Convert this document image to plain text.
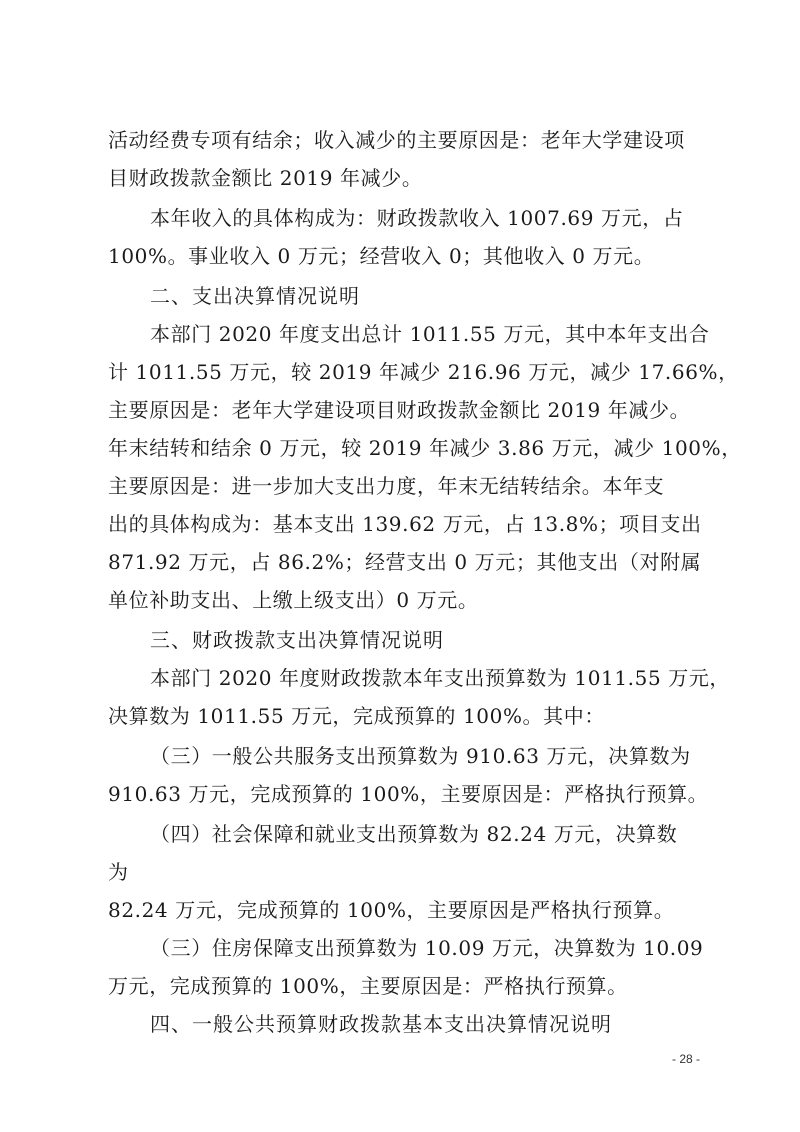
活动经费专项有结余；收入减少的主要原因是：老年大学建设项
目财政拨款金额比 2019 年减少。
本年收入的具体构成为：财政拨款收入 1007.69 万元，占
100%。事业收入 0 万元；经营收入 0；其他收入 0 万元。
二、支出决算情况说明
本部门 2020 年度支出总计 1011.55 万元，其中本年支出合
计 1011.55 万元，较 2019 年减少 216.96 万元，减少 17.66%，
主要原因是：老年大学建设项目财政拨款金额比 2019 年减少。
年末结转和结余 0 万元，较 2019 年减少 3.86 万元，减少 100%，
主要原因是：进一步加大支出力度，年末无结转结余。本年支
出的具体构成为：基本支出 139.62 万元，占 13.8%；项目支出
871.92 万元，占 86.2%；经营支出 0 万元；其他支出（对附属
单位补助支出、上缴上级支出）0 万元。
三、财政拨款支出决算情况说明
本部门 2020 年度财政拨款本年支出预算数为 1011.55 万元，
决算数为 1011.55 万元，完成预算的 100%。其中：
（三）一般公共服务支出预算数为 910.63 万元，决算数为
910.63 万元，完成预算的 100%，主要原因是：严格执行预算。
（四）社会保障和就业支出预算数为 82.24 万元，决算数
为
82.24 万元，完成预算的 100%，主要原因是严格执行预算。
（三）住房保障支出预算数为 10.09 万元，决算数为 10.09
万元，完成预算的 100%，主要原因是：严格执行预算。
四、一般公共预算财政拨款基本支出决算情况说明
- 28 -
